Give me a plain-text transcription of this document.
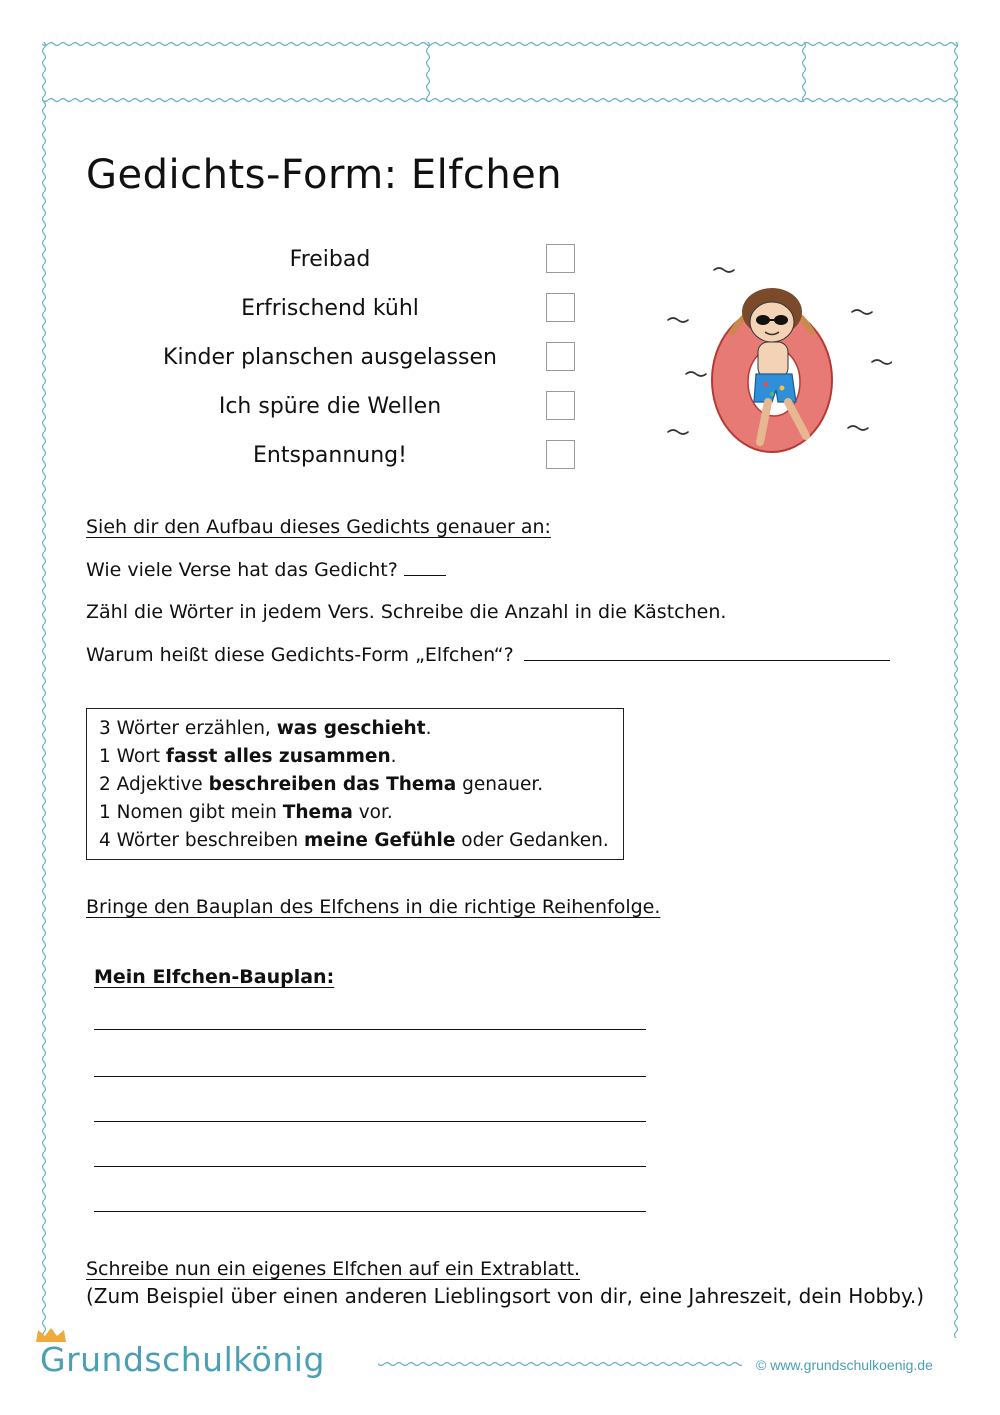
Gedichts-Form: Elfchen
Freibad
Erfrischend kühl
Kinder planschen ausgelassen
Ich spüre die Wellen
Entspannung!
Sieh dir den Aufbau dieses Gedichts genauer an:
Wie viele Verse hat das Gedicht?
Zähl die Wörter in jedem Vers. Schreibe die Anzahl in die Kästchen.
Warum heißt diese Gedichts-Form „Elfchen“?
3 Wörter erzählen, was geschieht.
1 Wort fasst alles zusammen.
2 Adjektive beschreiben das Thema genauer.
1 Nomen gibt mein Thema vor.
4 Wörter beschreiben meine Gefühle oder Gedanken.
Bringe den Bauplan des Elfchens in die richtige Reihenfolge.
Mein Elfchen-Bauplan:
Schreibe nun ein eigenes Elfchen auf ein Extrablatt.
(Zum Beispiel über einen anderen Lieblingsort von dir, eine Jahreszeit, dein Hobby.)
Grundschulkönig	© www.grundschulkoenig.de
